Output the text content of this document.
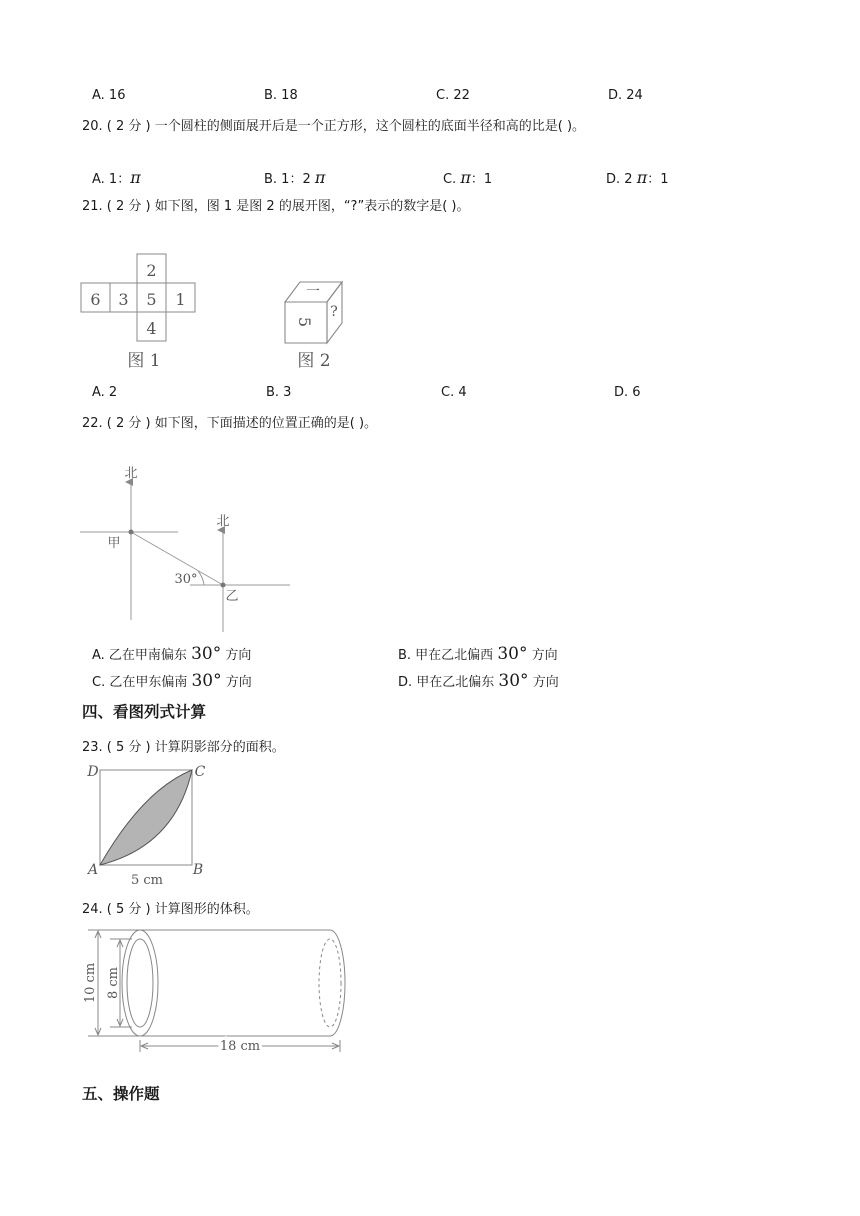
A. 16	B. 18	C. 22	D. 24
20. ( 2 分 ) 一个圆柱的侧面展开后是一个正方形，这个圆柱的底面半径和高的比是( )。
A. 1：π	B. 1：2 π	C. π：1	D. 2 π：1
21. ( 2 分 ) 如下图，图 1 是图 2 的展开图，“?”表示的数字是( )。
2
6 3 5 1
4
图 1
一
5
?
图 2
A. 2	B. 3	C. 4	D. 6
22. ( 2 分 ) 如下图，下面描述的位置正确的是( )。
北
北
甲
乙
30°
A. 乙在甲南偏东 30° 方向	B. 甲在乙北偏西 30° 方向
C. 乙在甲东偏南 30° 方向	D. 甲在乙北偏东 30° 方向
四、看图列式计算
23. ( 5 分 ) 计算阴影部分的面积。
D	C
A	B
5 cm
24. ( 5 分 ) 计算图形的体积。
10 cm 8 cm
18 cm
五、操作题
